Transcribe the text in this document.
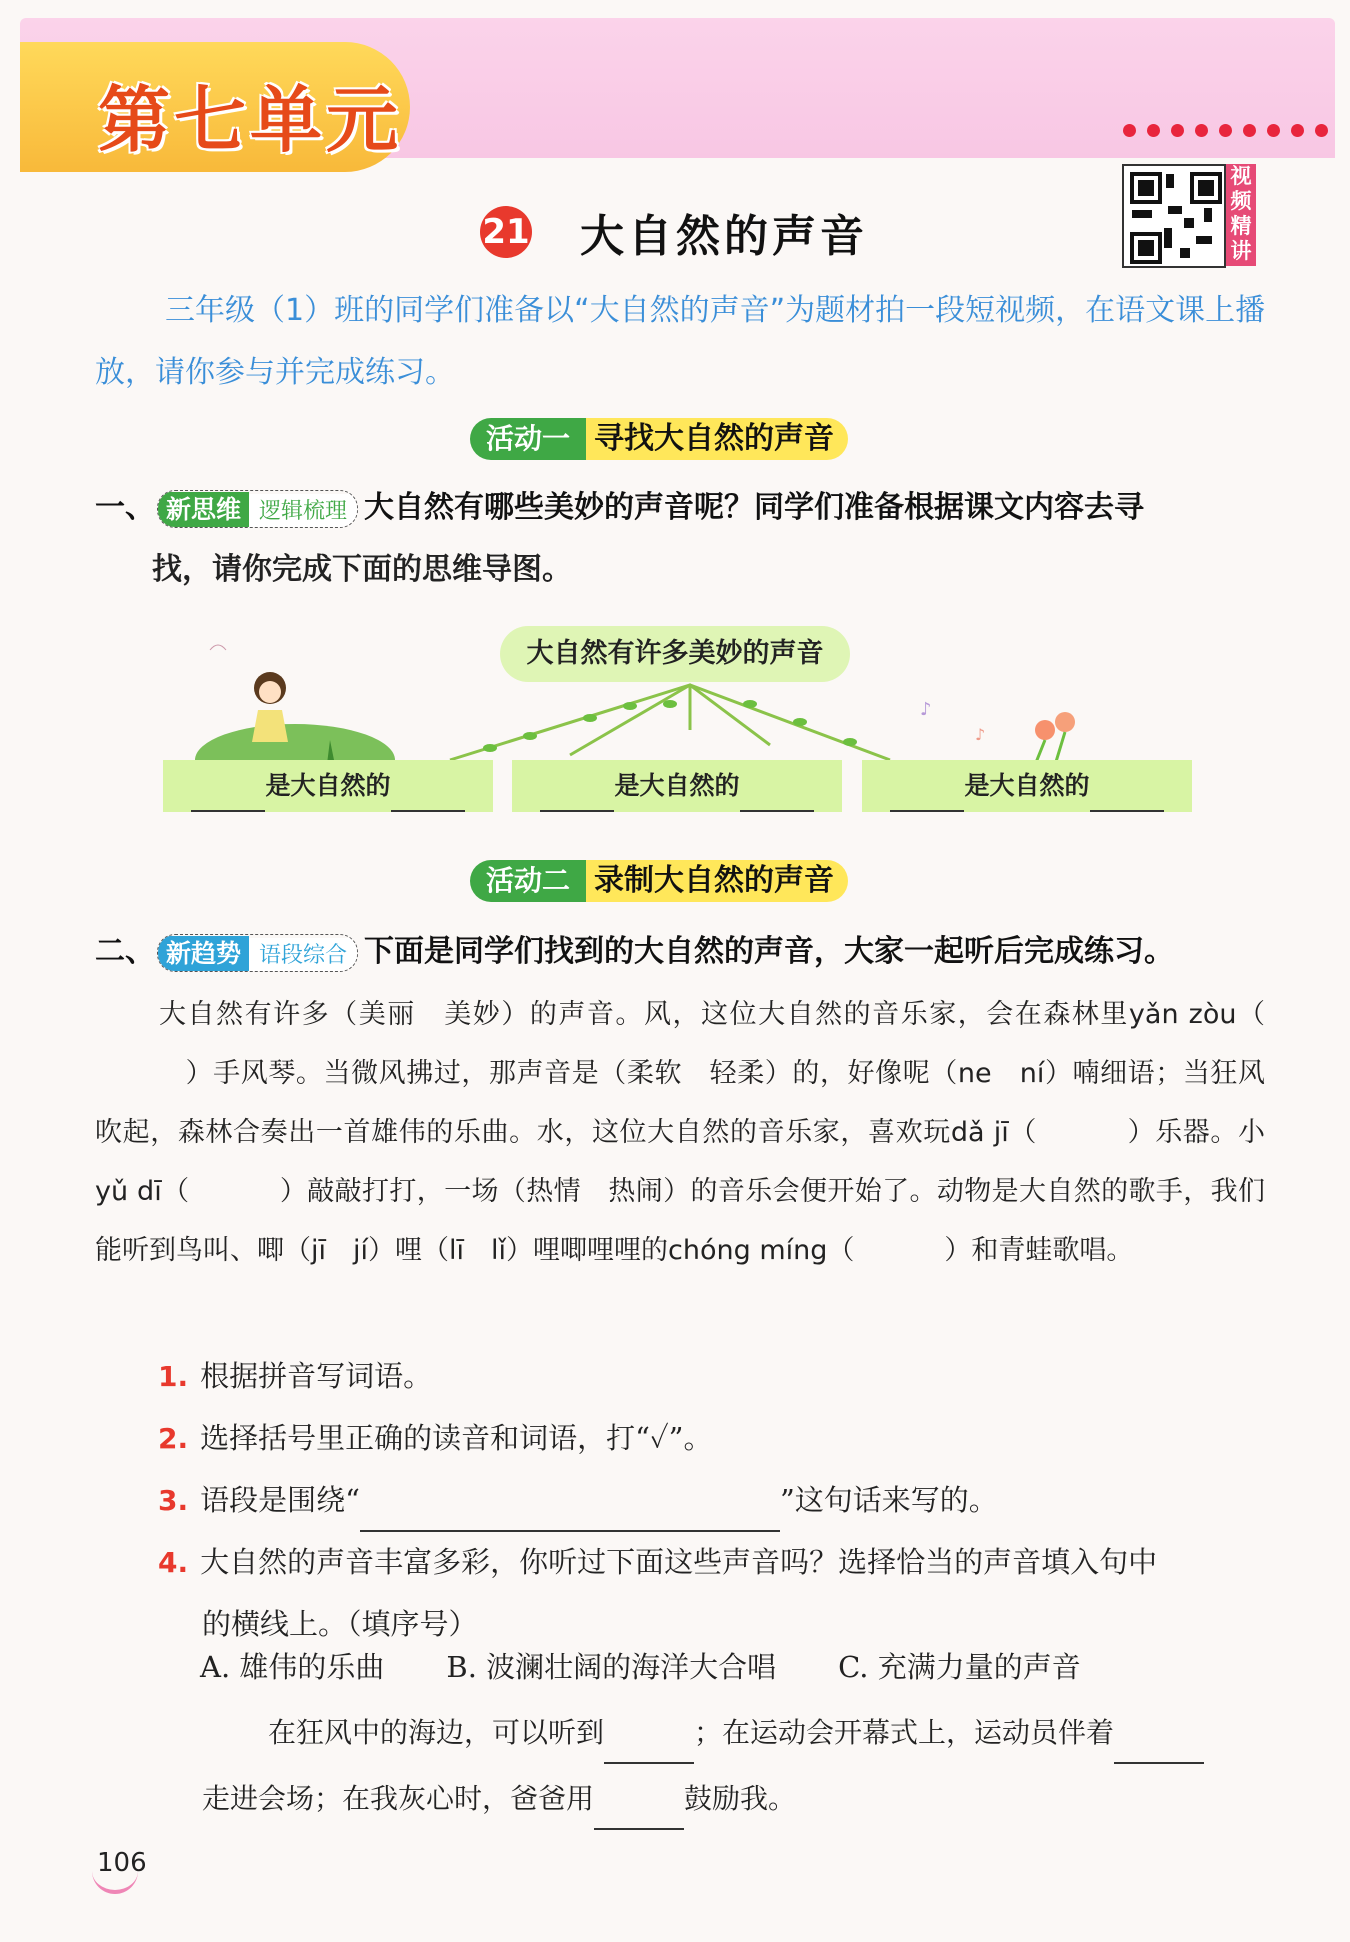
第七单元
视频精讲
21 大自然的声音
三年级（1）班的同学们准备以“大自然的声音”为题材拍一段短视频，在语文课上播放，请你参与并完成练习。
活动一 寻找大自然的声音
一、 新思维 逻辑梳理 大自然有哪些美妙的声音呢？同学们准备根据课文内容去寻
找，请你完成下面的思维导图。
♪
♪
大自然有许多美妙的声音
是大自然的	是大自然的	是大自然的
活动二 录制大自然的声音
二、 新趋势 语段综合 下面是同学们找到的大自然的声音，大家一起听后完成练习。
大自然有许多（美丽　美妙）的声音。风，这位大自然的音乐家，会在森林里yǎn zòu（）手风琴。当微风拂过，那声音是（柔软　轻柔）的，好像呢（ne　ní）喃细语；当狂风吹起，森林合奏出一首雄伟的乐曲。水，这位大自然的音乐家，喜欢玩dǎ jī（	）乐器。小yǔ dī（	）敲敲打打，一场（热情　热闹）的音乐会便开始了。动物是大自然的歌手，我们能听到鸟叫、唧（jī　jí）哩（lī　lǐ）哩唧哩哩的chóng míng（	）和青蛙歌唱。
1. 根据拼音写词语。
2. 选择括号里正确的读音和词语，打“✓”。
3. 语段是围绕“	”这句话来写的。
4. 大自然的声音丰富多彩，你听过下面这些声音吗？选择恰当的声音填入句中
的横线上。（填序号）
A. 雄伟的乐曲 B. 波澜壮阔的海洋大合唱 C. 充满力量的声音
在狂风中的海边，可以听到	；在运动会开幕式上，运动员伴着
走进会场；在我灰心时，爸爸用	鼓励我。
106
